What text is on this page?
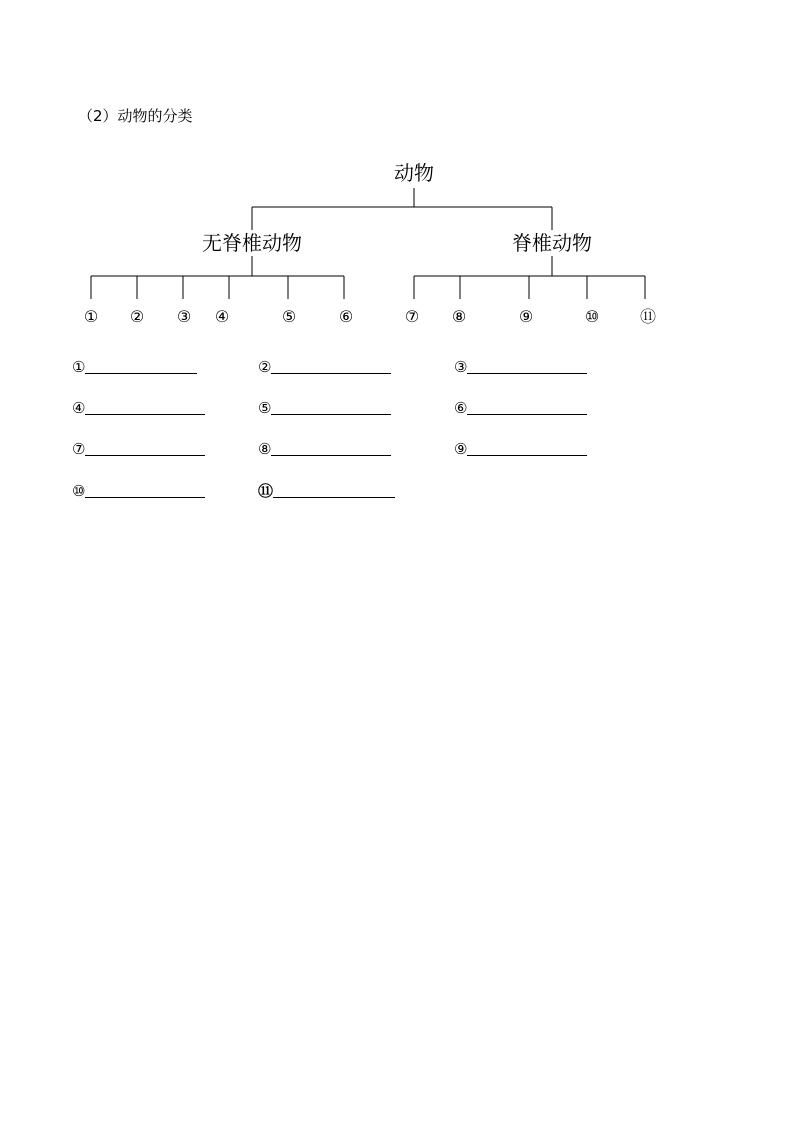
（2）动物的分类
动物
无脊椎动物	脊椎动物
① ② ③ ④	⑤	⑥	⑦ ⑧	⑨	⑩	⑪
①	②	③
④	⑤	⑥
⑦	⑧	⑨
⑩	⑪
